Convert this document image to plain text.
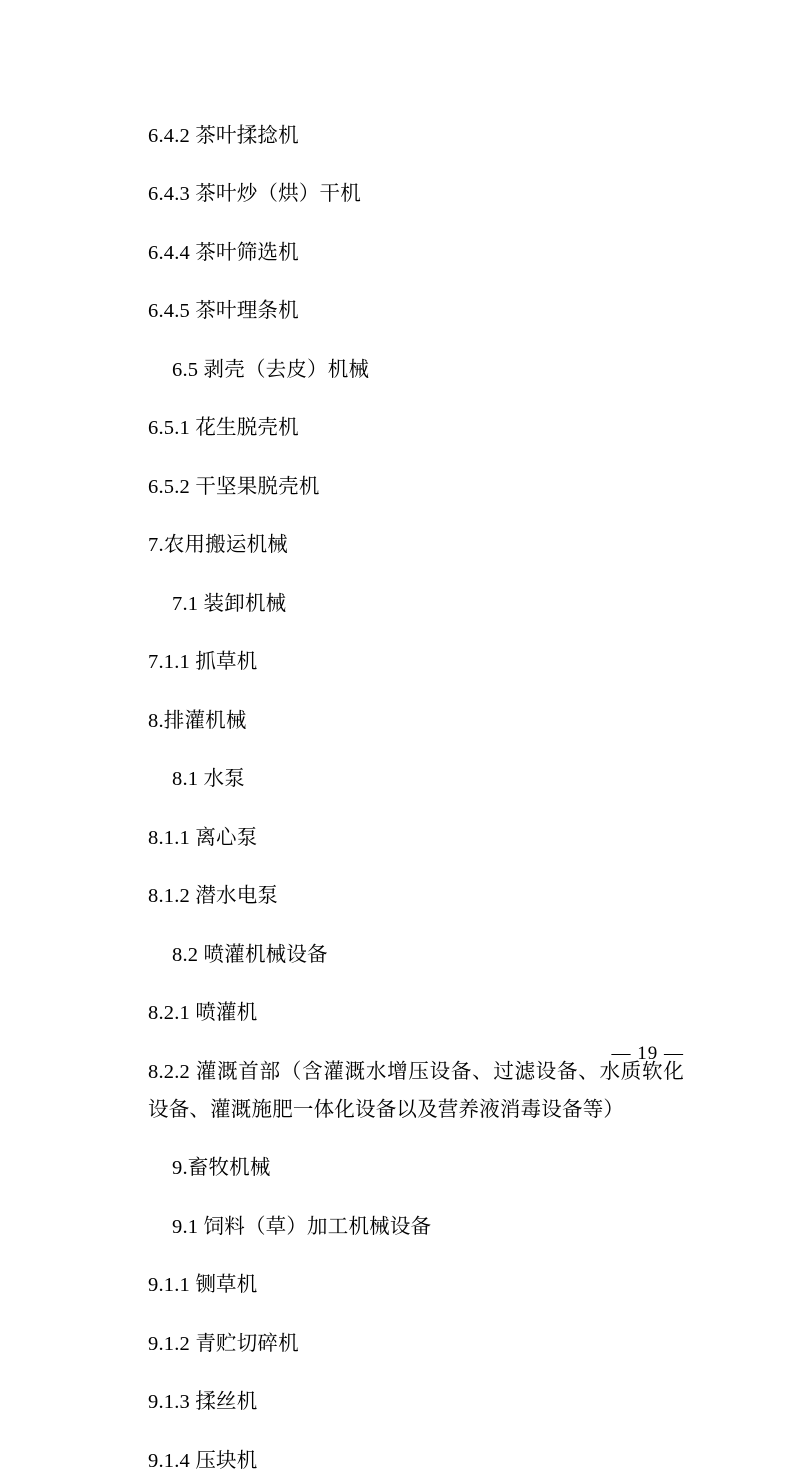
6.4.2 茶叶揉捻机

6.4.3 茶叶炒（烘）干机

6.4.4 茶叶筛选机

6.4.5 茶叶理条机

6.5 剥壳（去皮）机械

6.5.1 花生脱壳机

6.5.2 干坚果脱壳机

7.农用搬运机械

7.1 装卸机械

7.1.1 抓草机

8.排灌机械

8.1 水泵

8.1.1 离心泵

8.1.2 潜水电泵

8.2 喷灌机械设备

8.2.1 喷灌机

8.2.2 灌溉首部（含灌溉水增压设备、过滤设备、水质软化设备、灌溉施肥一体化设备以及营养液消毒设备等）

9.畜牧机械

9.1 饲料（草）加工机械设备

9.1.1 铡草机

9.1.2 青贮切碎机

9.1.3 揉丝机

9.1.4 压块机

— 19 —
